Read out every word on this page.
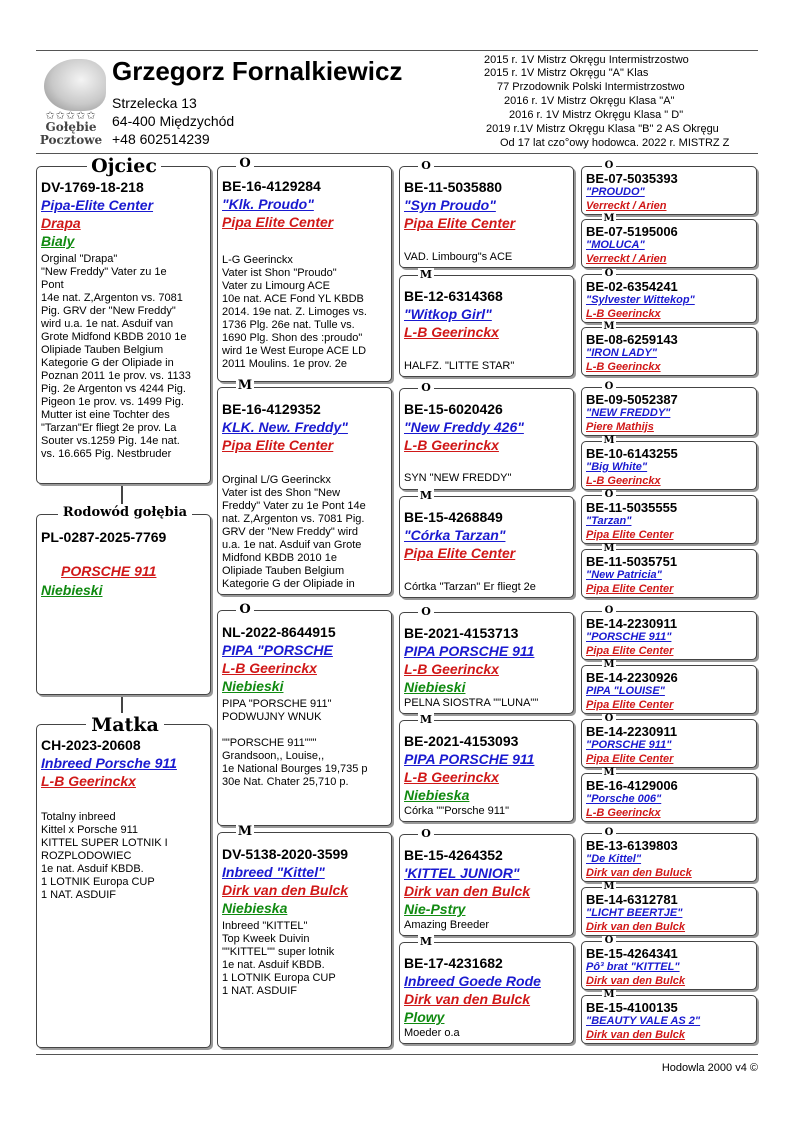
✩✩✩✩✩
Gołębie
Pocztowe
Grzegorz Fornalkiewicz
Strzelecka 13
64-400 Międzychód
+48 602514239
2015 r. 1V Mistrz Okręgu Intermistrzostwo
2015 r. 1V Mistrz Okręgu "A" Klas
77 Przodownik Polski Intermistrzostwo
2016 r. 1V Mistrz Okręgu Klasa "A"
2016 r. 1V Mistrz Okręgu Klasa " D"
2019 r.1V Mistrz Okręgu Klasa "B" 2 AS Okręgu
Od 17 lat czo°owy hodowca. 2022 r. MISTRZ Z
DV-1769-18-218
Pipa-Elite Center
Drapa
Bialy
Orginal "Drapa"
"New Freddy" Vater zu 1e
Pont
14e nat. Z,Argenton vs. 7081
Pig. GRV der "New Freddy"
wird u.a. 1e nat. Asduif van
Grote Midfond KBDB 2010 1e
Olipiade Tauben Belgium
Kategorie G der Olipiade in
Poznan 2011 1e prov. vs. 1133
Pig. 2e Argenton vs 4244 Pig.
Pigeon 1e prov. vs. 1499 Pig.
Mutter ist eine Tochter des
"Tarzan"Er fliegt 2e prov. La
Souter vs.1259 Pig. 14e nat.
vs. 16.665 Pig. Nestbruder
Ojciec
PL-0287-2025-7769
PORSCHE 911
Niebieski
Rodowód gołębia
CH-2023-20608
Inbreed Porsche 911
L-B Geerinckx
Totalny inbreed
Kittel x Porsche 911
KITTEL SUPER LOTNIK I
ROZPLODOWIEC
1e nat. Asduif KBDB.
1 LOTNIK Europa CUP
1 NAT. ASDUIF
Matka
BE-16-4129284
"Klk. Proudo"
Pipa Elite Center
L-G Geerinckx
Vater ist Shon "Proudo"
Vater zu Limourg ACE
10e nat. ACE Fond YL KBDB
2014. 19e nat. Z. Limoges vs.
1736 Plg. 26e nat. Tulle vs.
1690 Plg. Shon des :proudo"
wird 1e West Europe ACE LD
2011 Moulins. 1e prov. 2e
O
BE-16-4129352
KLK. New. Freddy"
Pipa Elite Center
Orginal L/G Geerinckx
Vater ist des Shon "New
Freddy" Vater zu 1e Pont 14e
nat. Z,Argenton vs. 7081 Pig.
GRV der "New Freddy" wird
u.a. 1e nat. Asduif van Grote
Midfond KBDB 2010 1e
Olipiade Tauben Belgium
Kategorie G der Olipiade in
M
NL-2022-8644915
PIPA "PORSCHE
L-B Geerinckx
Niebieski
PIPA "PORSCHE 911"
PODWUJNY WNUK

""PORSCHE 911"""
Grandsoon,, Louise,,
1e National Bourges 19,735 p
30e Nat. Chater 25,710 p.
O
DV-5138-2020-3599
Inbreed "Kittel"
Dirk van den Bulck
Niebieska
Inbreed "KITTEL"
Top Kweek Duivin
""KITTEL"" super lotnik
1e nat. Asduif KBDB.
1 LOTNIK Europa CUP
1 NAT. ASDUIF
M
BE-11-5035880
"Syn Proudo"
Pipa Elite Center
VAD. Limbourg"s ACE
O
BE-12-6314368
"Witkop Girl"
L-B Geerinckx
HALFZ. "LITTE STAR"
M
BE-15-6020426
"New Freddy 426"
L-B Geerinckx
SYN "NEW FREDDY"
O
BE-15-4268849
"Córka Tarzan"
Pipa Elite Center
Córtka "Tarzan" Er fliegt 2e
M
BE-2021-4153713
PIPA PORSCHE 911
L-B Geerinckx
Niebieski
PELNA SIOSTRA ""LUNA""
O
BE-2021-4153093
PIPA PORSCHE 911
L-B Geerinckx
Niebieska
Córka ""Porsche 911"
M
BE-15-4264352
'KITTEL JUNIOR"
Dirk van den Bulck
Nie-Pstry
Amazing Breeder
O
BE-17-4231682
Inbreed Goede Rode
Dirk van den Bulck
Plowy
Moeder o.a
M
BE-07-5035393
"PROUDO"
Verreckt / Arien
O
BE-07-5195006
"MOLUCA"
Verreckt / Arien
M
BE-02-6354241
"Sylvester Wittekop"
L-B Geerinckx
O
BE-08-6259143
"IRON LADY"
L-B Geerinckx
M
BE-09-5052387
"NEW FREDDY"
Piere Mathijs
O
BE-10-6143255
"Big White"
L-B Geerinckx
M
BE-11-5035555
"Tarzan"
Pipa Elite Center
O
BE-11-5035751
"New Patricia"
Pipa Elite Center
M
BE-14-2230911
"PORSCHE 911"
Pipa Elite Center
O
BE-14-2230926
PIPA "LOUISE"
Pipa Elite Center
M
BE-14-2230911
"PORSCHE 911"
Pipa Elite Center
O
BE-16-4129006
"Porsche 006"
L-B Geerinckx
M
BE-13-6139803
"De Kittel"
Dirk van den Buluck
O
BE-14-6312781
"LICHT BEERTJE"
Dirk van den Bulck
M
BE-15-4264341
Pô³ brat "KITTEL"
Dirk van den Bulck
O
BE-15-4100135
"BEAUTY VALE AS 2"
Dirk van den Bulck
M
Hodowla 2000 v4 ©
